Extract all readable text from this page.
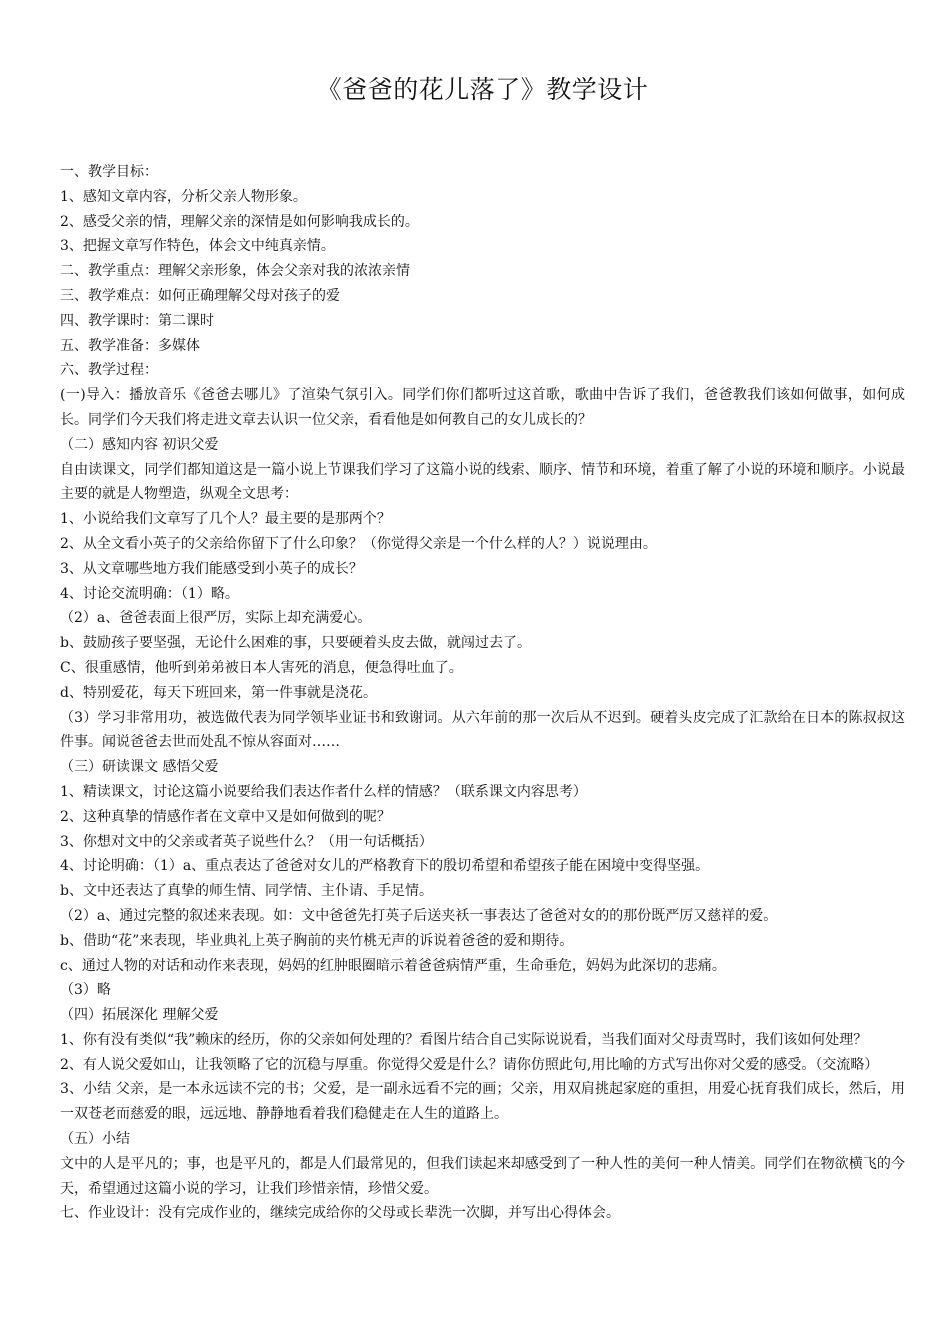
《爸爸的花儿落了》教学设计

一、教学目标：

1、感知文章内容，分析父亲人物形象。

2、感受父亲的情，理解父亲的深情是如何影响我成长的。

3、把握文章写作特色，体会文中纯真亲情。

二、教学重点：理解父亲形象，体会父亲对我的浓浓亲情

三、教学难点：如何正确理解父母对孩子的爱

四、教学课时：第二课时

五、教学准备：多媒体

六、教学过程：

(一)导入：播放音乐《爸爸去哪儿》了渲染气氛引入。同学们你们都听过这首歌，歌曲中告诉了我们，爸爸教我们该如何做事，如何成长。同学们今天我们将走进文章去认识一位父亲，看看他是如何教自己的女儿成长的？

（二）感知内容 初识父爱

自由读课文，同学们都知道这是一篇小说上节课我们学习了这篇小说的线索、顺序、情节和环境，着重了解了小说的环境和顺序。小说最主要的就是人物塑造，纵观全文思考：

1、小说给我们文章写了几个人？最主要的是那两个？

2、从全文看小英子的父亲给你留下了什么印象？（你觉得父亲是一个什么样的人？）说说理由。

3、从文章哪些地方我们能感受到小英子的成长？

4、讨论交流明确：（1）略。

（2）a、爸爸表面上很严厉，实际上却充满爱心。

b、鼓励孩子要坚强，无论什么困难的事，只要硬着头皮去做，就闯过去了。

C、很重感情，他听到弟弟被日本人害死的消息，便急得吐血了。

d、特别爱花，每天下班回来，第一件事就是浇花。

（3）学习非常用功，被选做代表为同学领毕业证书和致谢词。从六年前的那一次后从不迟到。硬着头皮完成了汇款给在日本的陈叔叔这件事。闻说爸爸去世而处乱不惊从容面对……

（三）研读课文 感悟父爱

1、精读课文，讨论这篇小说要给我们表达作者什么样的情感？（联系课文内容思考）

2、这种真挚的情感作者在文章中又是如何做到的呢？

3、你想对文中的父亲或者英子说些什么？（用一句话概括）

4、讨论明确：（1）a、重点表达了爸爸对女儿的严格教育下的殷切希望和希望孩子能在困境中变得坚强。

b、文中还表达了真挚的师生情、同学情、主仆请、手足情。

（2）a、通过完整的叙述来表现。如：文中爸爸先打英子后送夹袄一事表达了爸爸对女的的那份既严厉又慈祥的爱。

b、借助“花”来表现，毕业典礼上英子胸前的夹竹桃无声的诉说着爸爸的爱和期待。

c、通过人物的对话和动作来表现，妈妈的红肿眼圈暗示着爸爸病情严重，生命垂危，妈妈为此深切的悲痛。

（3）略

（四）拓展深化 理解父爱

1、你有没有类似“我”赖床的经历，你的父亲如何处理的？看图片结合自己实际说说看，当我们面对父母责骂时，我们该如何处理？

2、有人说父爱如山，让我领略了它的沉稳与厚重。你觉得父爱是什么？请你仿照此句,用比喻的方式写出你对父爱的感受。（交流略）

3、小结 父亲，是一本永远读不完的书；父爱，是一副永远看不完的画；父亲，用双肩挑起家庭的重担，用爱心抚育我们成长，然后，用一双苍老而慈爱的眼，远远地、静静地看着我们稳健走在人生的道路上。

（五）小结

文中的人是平凡的；事，也是平凡的，都是人们最常见的，但我们读起来却感受到了一种人性的美何一种人情美。同学们在物欲横飞的今天，希望通过这篇小说的学习，让我们珍惜亲情，珍惜父爱。

七、作业设计：没有完成作业的，继续完成给你的父母或长辈洗一次脚，并写出心得体会。
